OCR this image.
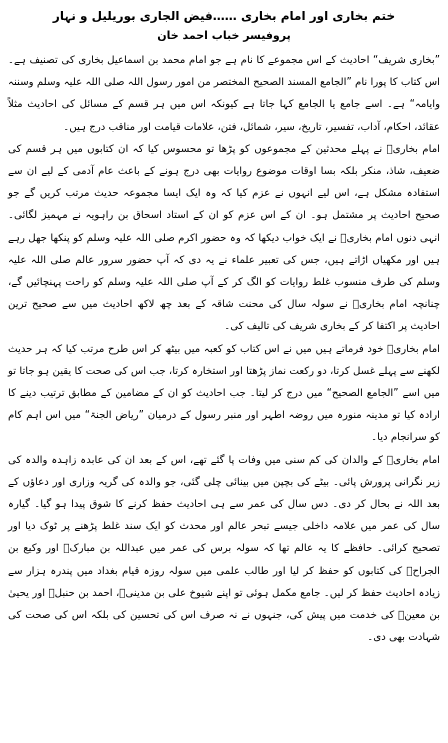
ختم بخاری اور امام بخاری ……فیض الجاری بوریلیل و نہار
پروفیسر خباب احمد خان

”بخاری شریف“ احادیث کے اس مجموعے کا نام ہے جو امام محمد بن اسماعیل بخاری کی تصنیف ہے۔ اس کتاب کا پورا نام ”الجامع المسند الصحیح المختصر من امور رسول اللہ صلی اللہ علیہ وسلم وسننہ وایامہ“ ہے۔ اسے جامع یا الجامع کہا جاتا ہے کیونکہ اس میں ہر قسم کے مسائل کی احادیث مثلاً عقائد، احکام، آداب، تفسیر، تاریخ، سیر، شمائل، فتن، علامات قیامت اور مناقب درج ہیں۔

امام بخاریؒ نے پہلے محدثین کے مجموعوں کو پڑھا تو محسوس کیا کہ ان کتابوں میں ہر قسم کی ضعیف، شاذ، منکر بلکہ بسا اوقات موضوع روایات بھی درج ہونے کے باعث عام آدمی کے لیے ان سے استفادہ مشکل ہے، اس لیے انہوں نے عزم کیا کہ وہ ایک ایسا مجموعہ حدیث مرتب کریں گے جو صحیح احادیث پر مشتمل ہو۔ ان کے اس عزم کو ان کے استاد اسحاق بن راہویہ نے مہمیز لگائی۔ انہی دنوں امام بخاریؒ نے ایک خواب دیکھا کہ وہ حضور اکرم صلی اللہ علیہ وسلم کو پنکھا جھل رہے ہیں اور مکھیاں اڑاتے ہیں، جس کی تعبیر علماء نے یہ دی کہ آپ حضور سرور عالم صلی اللہ علیہ وسلم کی طرف منسوب غلط روایات کو الگ کر کے آپ صلی اللہ علیہ وسلم کو راحت پہنچائیں گے، چنانچہ امام بخاریؒ نے سولہ سال کی محنت شاقہ کے بعد چھ لاکھ احادیث میں سے صحیح ترین احادیث پر اکتفا کر کے بخاری شریف کی تالیف کی۔

امام بخاریؒ خود فرماتے ہیں میں نے اس کتاب کو کعبہ میں بیٹھ کر اس طرح مرتب کیا کہ ہر حدیث لکھنے سے پہلے غسل کرتا، دو رکعت نماز پڑھتا اور استخارہ کرتا، جب اس کی صحت کا یقین ہو جاتا تو میں اسے ”الجامع الصحیح“ میں درج کر لیتا۔ جب احادیث کو ان کے مضامین کے مطابق ترتیب دینے کا ارادہ کیا تو مدینہ منورہ میں روضہ اطہر اور منبر رسول کے درمیان ”ریاض الجنۃ“ میں اس اہم کام کو سرانجام دیا۔

امام بخاریؒ کے والدان کی کم سنی میں وفات پا گئے تھے، اس کے بعد ان کی عابدہ زاہدہ والدہ کی زیر نگرانی پرورش پائی۔ بیٹے کی بچپن میں بینائی چلی گئی، جو والدہ کی گریہ وزاری اور دعاؤں کے بعد اللہ نے بحال کر دی۔ دس سال کی عمر سے ہی احادیث حفظ کرنے کا شوق پیدا ہو گیا۔ گیارہ سال کی عمر میں علامہ داخلی جیسے تبحر عالم اور محدث کو ایک سند غلط پڑھنے پر ٹوک دیا اور تصحیح کرائی۔ حافظے کا یہ عالم تھا کہ سولہ برس کی عمر میں عبداللہ بن مبارکؒ اور وکیع بن الجراحؒ کی کتابوں کو حفظ کر لیا اور طالب علمی میں سولہ روزہ قیام بغداد میں پندرہ ہزار سے زیادہ احادیث حفظ کر لیں۔ جامع مکمل ہوئی تو اپنے شیوخ علی بن مدینیؒ، احمد بن حنبلؒ اور یحییٰ بن معینؒ کی خدمت میں پیش کی، جنہوں نے نہ صرف اس کی تحسین کی بلکہ اس کی صحت کی شہادت بھی دی۔
